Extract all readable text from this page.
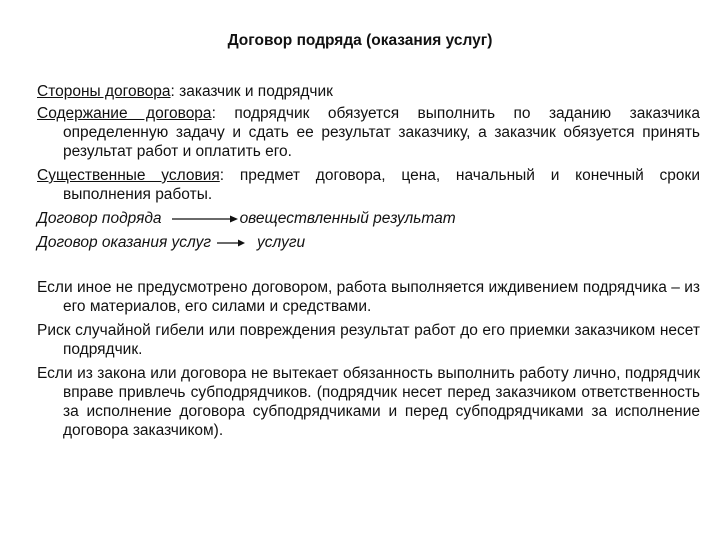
Договор подряда (оказания услуг)

Стороны договора: заказчик и подрядчик

Содержание договора: подрядчик обязуется выполнить по заданию заказчика определенную задачу и сдать ее результат заказчику, а заказчик обязуется принять результат работ и оплатить его.

Существенные условия: предмет договора, цена, начальный и конечный сроки выполнения работы.

Договор подряда	овеществленный результат

Договор оказания услуг	услуги

Если иное не предусмотрено договором, работа выполняется иждивением подрядчика – из его материалов, его силами и средствами.

Риск случайной гибели или повреждения результат работ до его приемки заказчиком несет подрядчик.

Если из закона или договора не вытекает обязанность выполнить работу лично, подрядчик вправе привлечь субподрядчиков. (подрядчик несет перед заказчиком ответственность за исполнение договора субподрядчиками и перед субподрядчиками за исполнение договора заказчиком).
